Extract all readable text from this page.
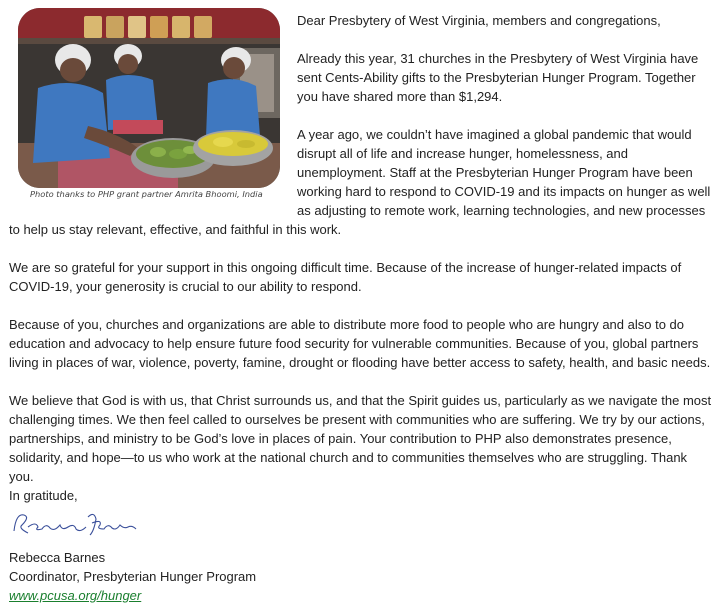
Photo thanks to PHP grant partner Amrita Bhoomi, India

Dear Presbytery of West Virginia, members and congregations,

Already this year, 31 churches in the Presbytery of West Virginia have sent Cents-Ability gifts to the Presbyterian Hunger Program. Together you have shared more than $1,294.

A year ago, we couldn’t have imagined a global pandemic that would
disrupt all of life and increase hunger, homelessness, and
unemployment. Staff at the Presbyterian Hunger Program have been
working hard to respond to COVID-19 and its impacts on hunger as well
as adjusting to remote work, learning technologies, and new processes
to help us stay relevant, effective, and faithful in this work.

We are so grateful for your support in this ongoing difficult time. Because of the increase of hunger-related impacts of COVID-19, your generosity is crucial to our ability to respond.

Because of you, churches and organizations are able to distribute more food to people who are hungry and also to do education and advocacy to help ensure future food security for vulnerable communities. Because of you, global partners living in places of war, violence, poverty, famine, drought or flooding have better access to safety, health, and basic needs.

We believe that God is with us, that Christ surrounds us, and that the Spirit guides us, particularly as we navigate the most challenging times. We then feel called to ourselves be present with communities who are suffering. We try by our actions, partnerships, and ministry to be God’s love in places of pain. Your contribution to PHP also demonstrates presence, solidarity, and hope—to us who work at the national church and to communities themselves who are struggling. Thank you.

In gratitude,
Rebecca Barnes
Coordinator, Presbyterian Hunger Program
www.pcusa.org/hunger
